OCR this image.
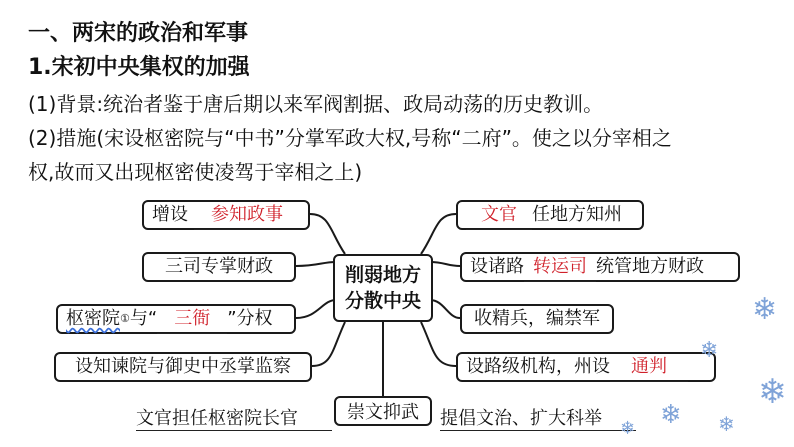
一、两宋的政治和军事
1.宋初中央集权的加强
(1)背景:统治者鉴于唐后期以来军阀割据、政局动荡的历史教训。
(2)措施(宋设枢密院与“中书”分掌军政大权,号称“二府”。使之以分宰相之
权,故而又出现枢密使凌驾于宰相之上)
削弱地方
分散中央
增设	参知政事
三司专掌财政
枢密院 ① 与“ 三衙 ”分权
设知谏院与御史中丞掌监察
文官 任地方知州
设诸路 转运司 统管地方财政
收精兵，编禁军
设路级机构，州设	通判
崇文抑武
文官担任枢密院长官	提倡文治、扩大科举
❄
❄
❄
❄ ❄
❄
